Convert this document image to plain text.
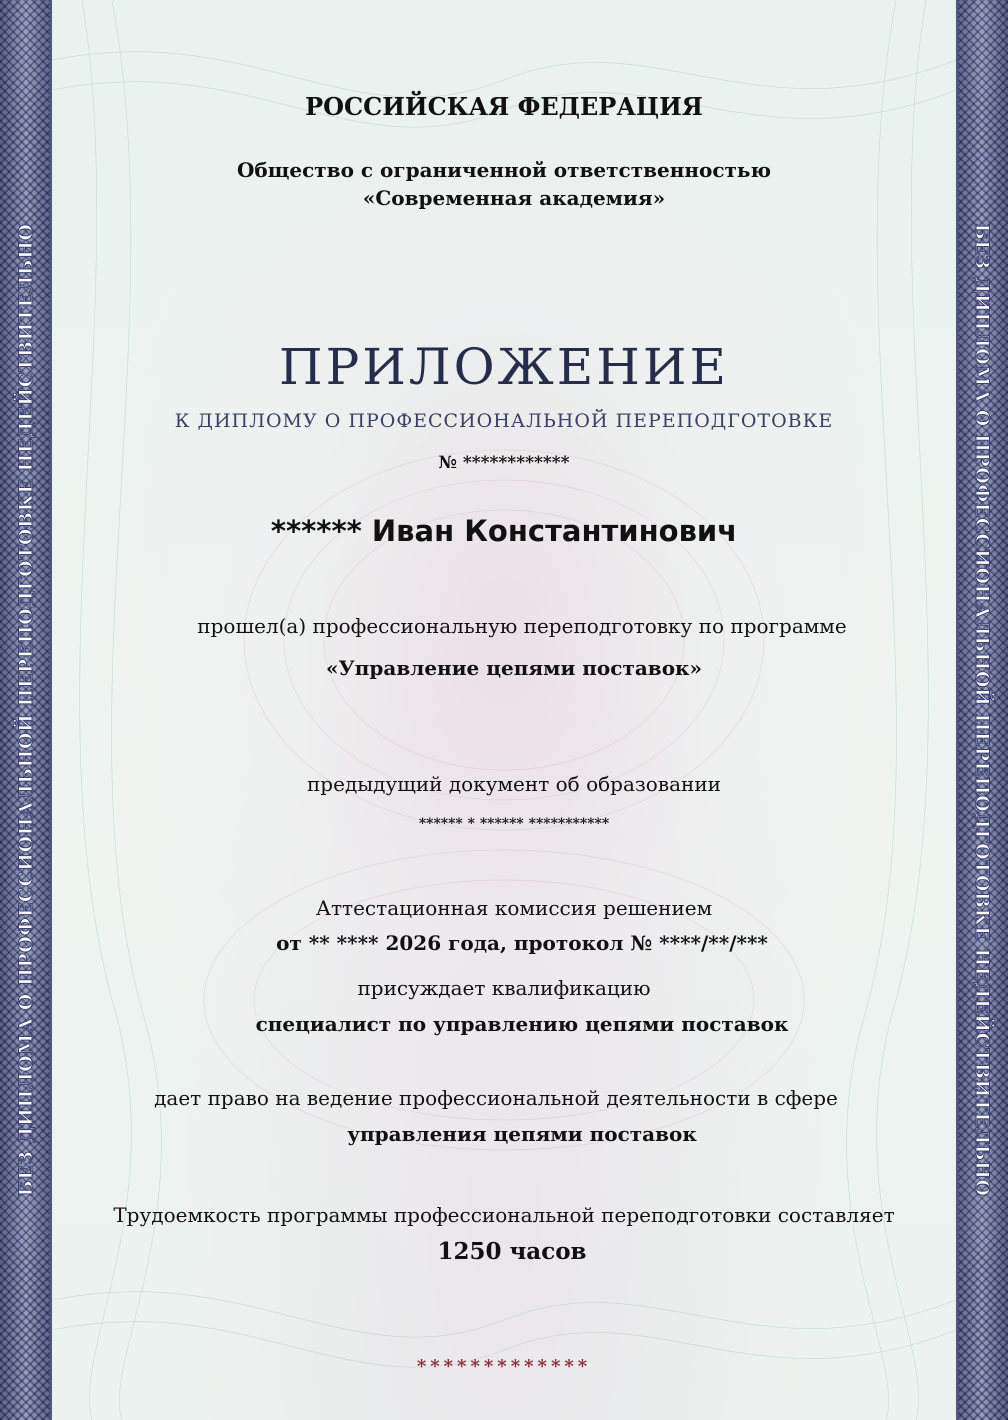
БЕЗ ДИПЛОМА О ПРОФЕССИОНАЛЬНОЙ ПЕРЕПОДГОТОВКЕ НЕДЕЙСТВИТЕЛЬНО	БЕЗ ДИПЛОМА О ПРОФЕССИОНАЛЬНОЙ ПЕРЕПОДГОТОВКЕ НЕДЕЙСТВИТЕЛЬНО
РОССИЙСКАЯ ФЕДЕРАЦИЯ
Общество с ограниченной ответственностью
«Современная академия»
ПРИЛОЖЕНИЕ
К ДИПЛОМУ О ПРОФЕССИОНАЛЬНОЙ ПЕРЕПОДГОТОВКЕ
№ ************
****** Иван Константинович
прошел(а) профессиональную переподготовку по программе
«Управление цепями поставок»
предыдущий документ об образовании
****** * ****** ***********
Аттестационная комиссия решением
от ** **** 2026 года, протокол № ****/**/***
присуждает квалификацию
специалист по управлению цепями поставок
дает право на ведение профессиональной деятельности в сфере
управления цепями поставок
Трудоемкость программы профессиональной переподготовки составляет
1250 часов
*************
